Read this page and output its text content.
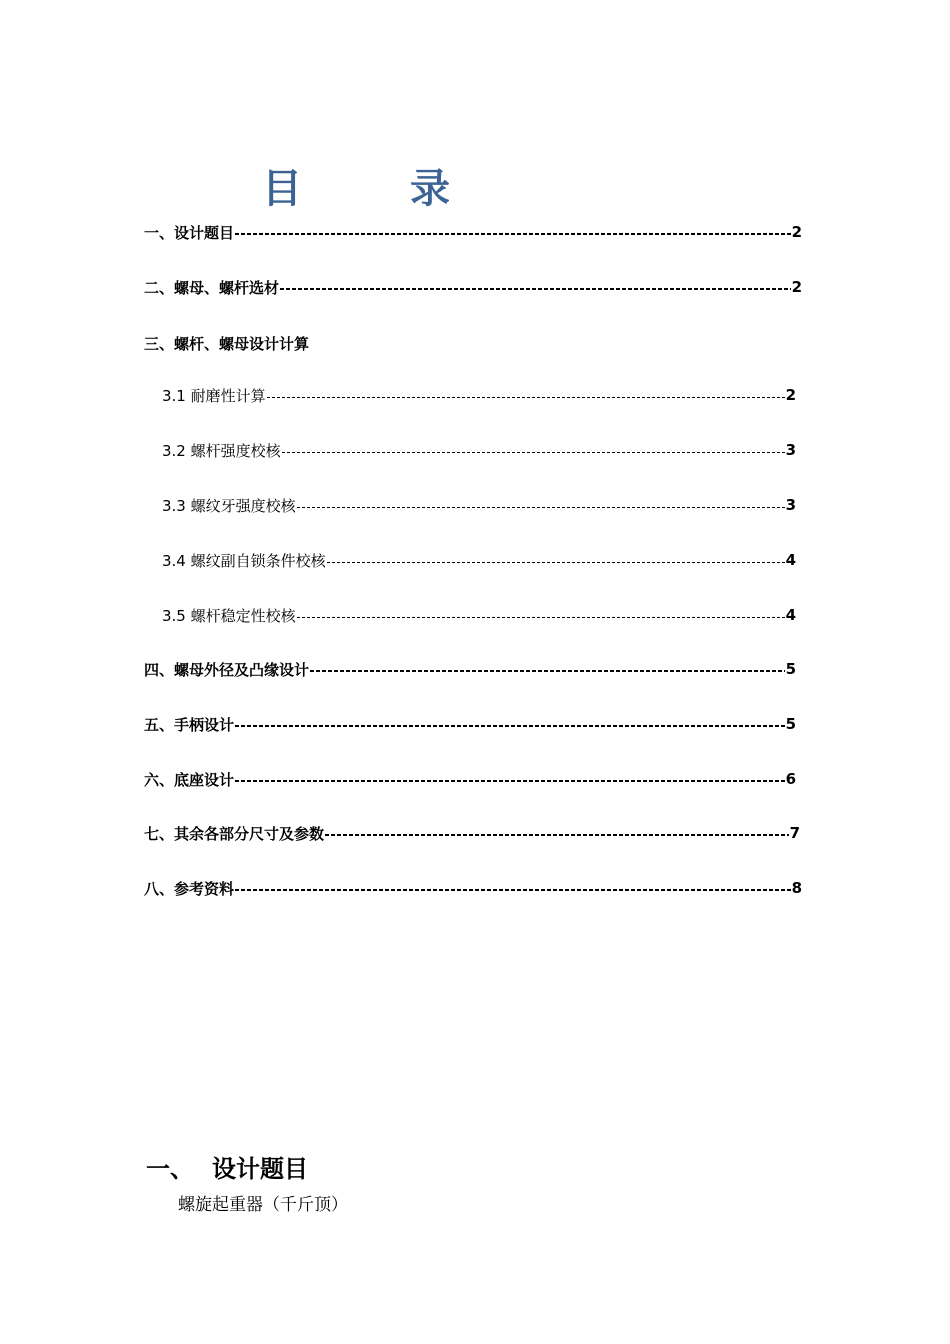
目　录
一、设计题目	2
二、螺母、螺杆选材	2
三、螺杆、螺母设计计算
3.1 耐磨性计算	2
3.2 螺杆强度校核	3
3.3 螺纹牙强度校核	3
3.4 螺纹副自锁条件校核	4
3.5 螺杆稳定性校核	4
四、螺母外径及凸缘设计	5
五、手柄设计	5
六、底座设计	6
七、其余各部分尺寸及参数	7
八、参考资料	8
一、 设计题目
螺旋起重器（千斤顶）
